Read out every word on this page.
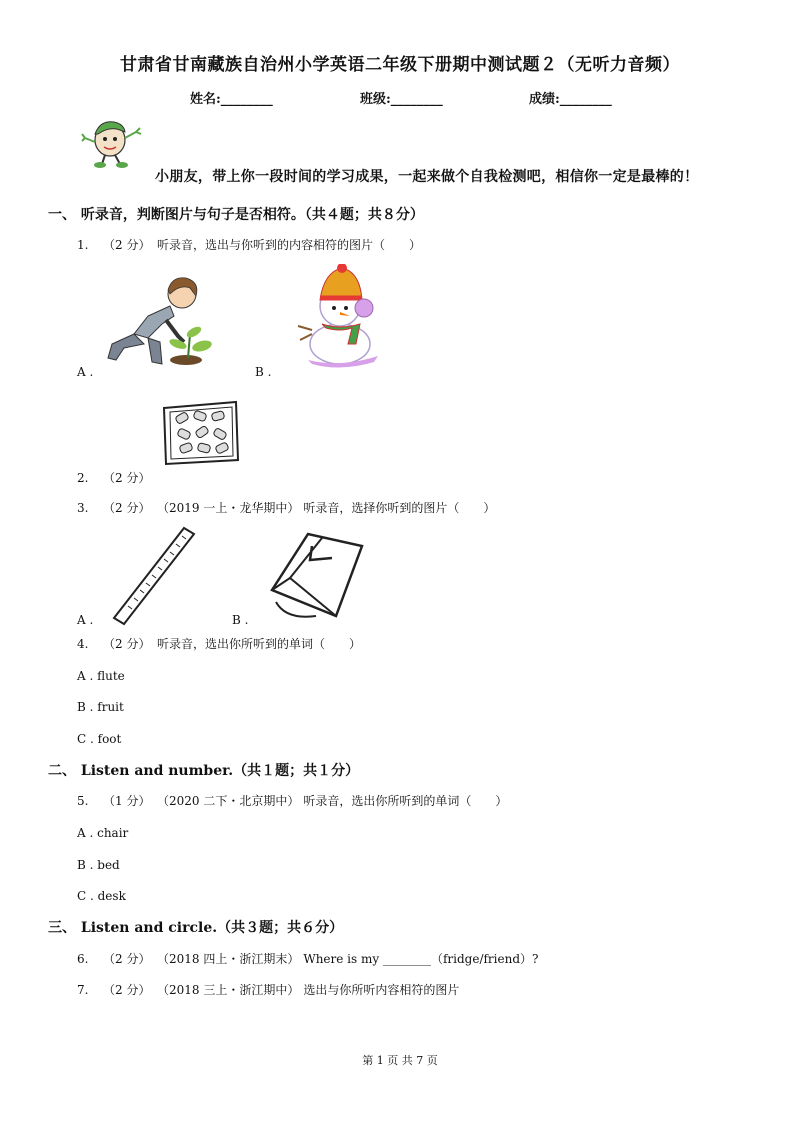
甘肃省甘南藏族自治州小学英语二年级下册期中测试题２（无听力音频）
姓名:________	班级:________	成绩:________
小朋友，带上你一段时间的学习成果，一起来做个自我检测吧，相信你一定是最棒的！
一、 听录音，判断图片与句子是否相符。（共４题；共８分）
1. （2 分） 听录音，选出与你听到的内容相符的图片（　　）
A .	B .
2. （2 分）
3. （2 分） （2019 一上・龙华期中） 听录音，选择你听到的图片（　　）
A .	B .
4. （2 分） 听录音，选出你所听到的单词（　　）
A . flute
B . fruit
C . foot
二、 Listen and number.（共１题；共１分）
5. （1 分） （2020 二下・北京期中） 听录音，选出你所听到的单词（　　）
A . chair
B . bed
C . desk
三、 Listen and circle.（共３题；共６分）
6. （2 分） （2018 四上・浙江期末） Where is my ________（fridge/friend）?
7. （2 分） （2018 三上・浙江期中） 选出与你所听内容相符的图片
第 1 页 共 7 页
